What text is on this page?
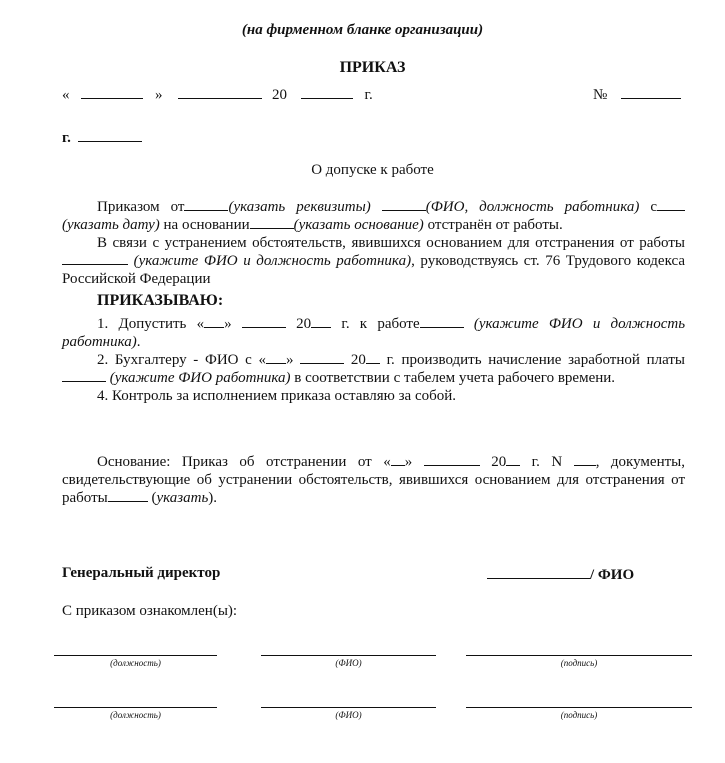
(на фирменном бланке организации)
ПРИКАЗ
«	»	20	г.	№
г.
О допуске к работе

Приказом от	(указать реквизиты)	(ФИО, должность работника) с(указать дату) на основании	(указать основание) отстранён от работы.

В связи с устранением обстоятельств, явившихся основанием для отстранения от работы (укажите ФИО и должность работника), руководствуясь ст. 76 Трудового кодекса Российской Федерации

ПРИКАЗЫВАЮ:

1. Допустить « »	20 г. к работе	(укажите ФИО и должность работника).

2. Бухгалтеру - ФИО с « »	20 г. производить начисление заработной платы (укажите ФИО работника) в соответствии с табелем учета рабочего времени.

4. Контроль за исполнением приказа оставляю за собой.

Основание: Приказ об отстранении от « »	20 г. N , документы, свидетельствующие об устранении обстоятельств, явившихся основанием для отстранения от работы	(указать).

Генеральный директор	/ ФИО
С приказом ознакомлен(ы):
(должность)	(ФИО)	(подпись)
(должность)	(ФИО)	(подпись)
